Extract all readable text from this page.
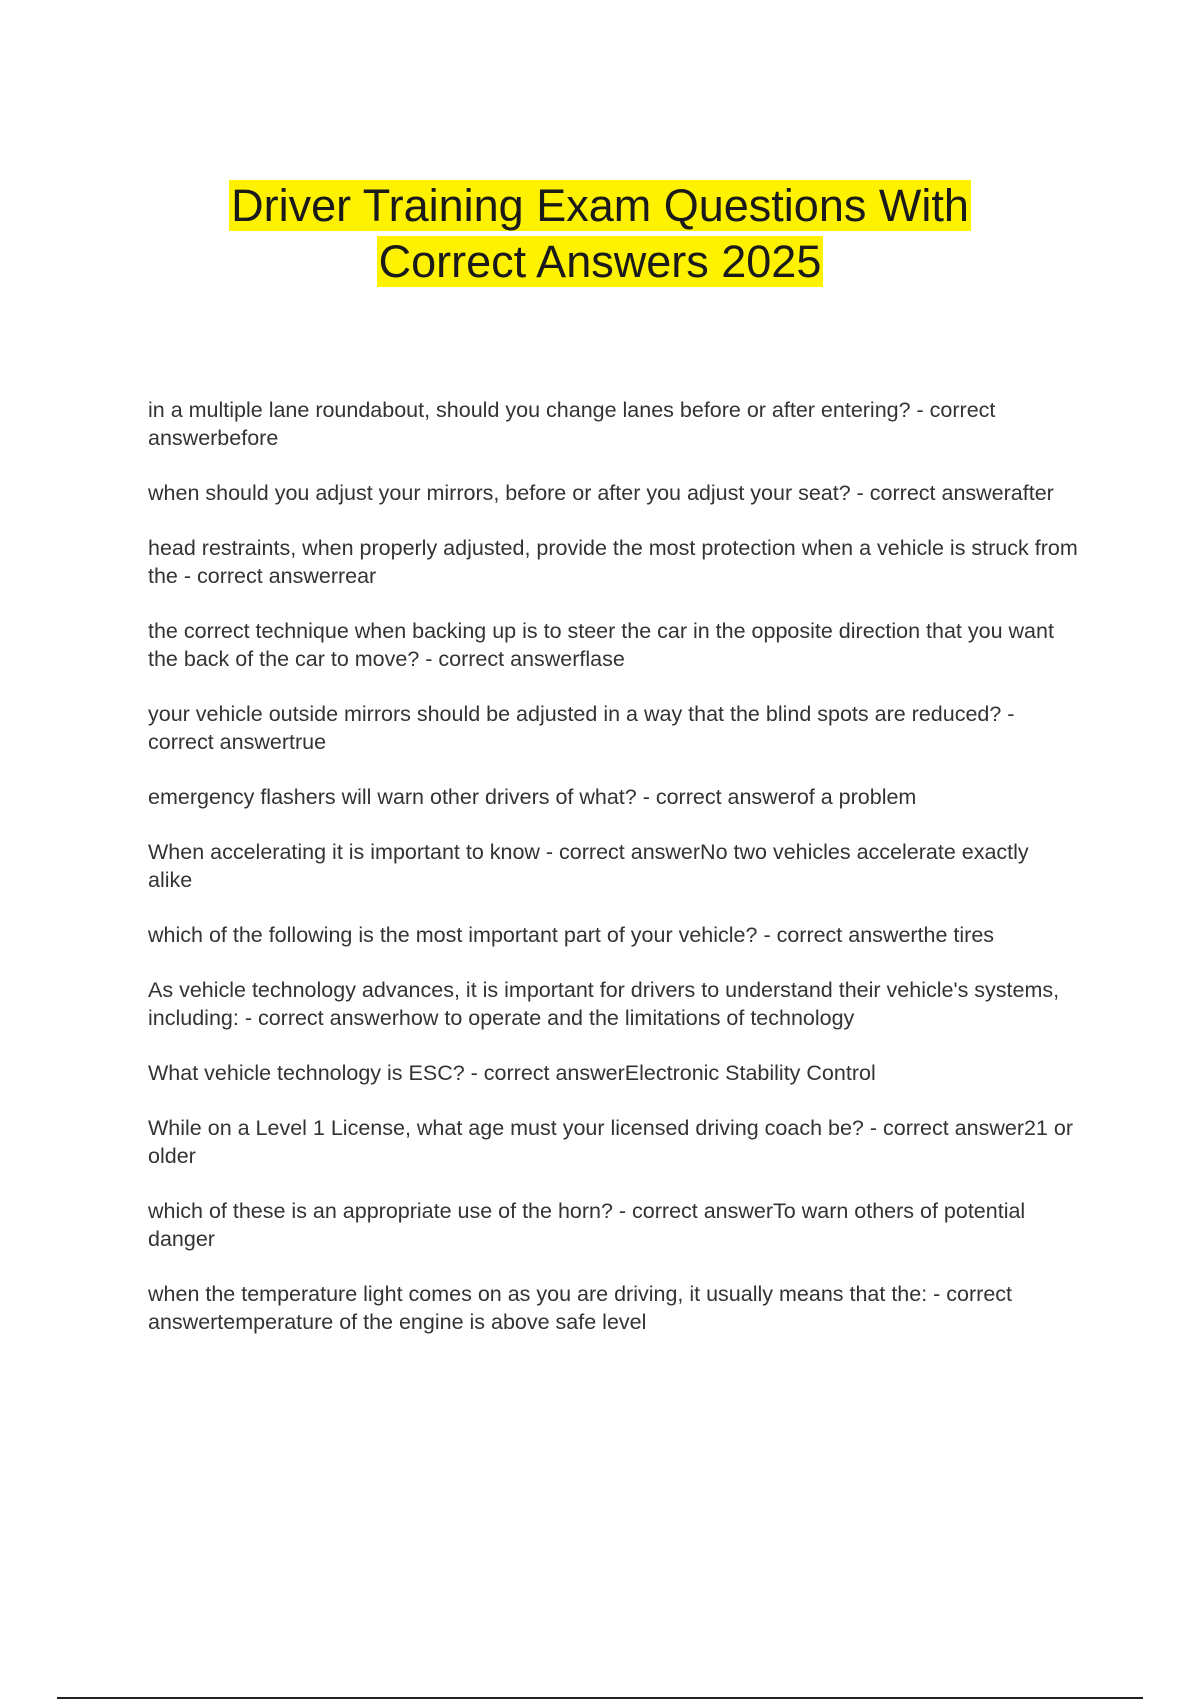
Driver Training Exam Questions With
Correct Answers 2025
in a multiple lane roundabout, should you change lanes before or after entering? - correct answerbefore
when should you adjust your mirrors, before or after you adjust your seat? - correct answerafter
head restraints, when properly adjusted, provide the most protection when a vehicle is struck from the - correct answerrear
the correct technique when backing up is to steer the car in the opposite direction that you want the back of the car to move? - correct answerflase
your vehicle outside mirrors should be adjusted in a way that the blind spots are reduced? - correct answertrue
emergency flashers will warn other drivers of what? - correct answerof a problem
When accelerating it is important to know - correct answerNo two vehicles accelerate exactly alike
which of the following is the most important part of your vehicle? - correct answerthe tires
As vehicle technology advances, it is important for drivers to understand their vehicle's systems, including: - correct answerhow to operate and the limitations of technology
What vehicle technology is ESC? - correct answerElectronic Stability Control
While on a Level 1 License, what age must your licensed driving coach be? - correct answer21 or older
which of these is an appropriate use of the horn? - correct answerTo warn others of potential danger
when the temperature light comes on as you are driving, it usually means that the: - correct answertemperature of the engine is above safe level
